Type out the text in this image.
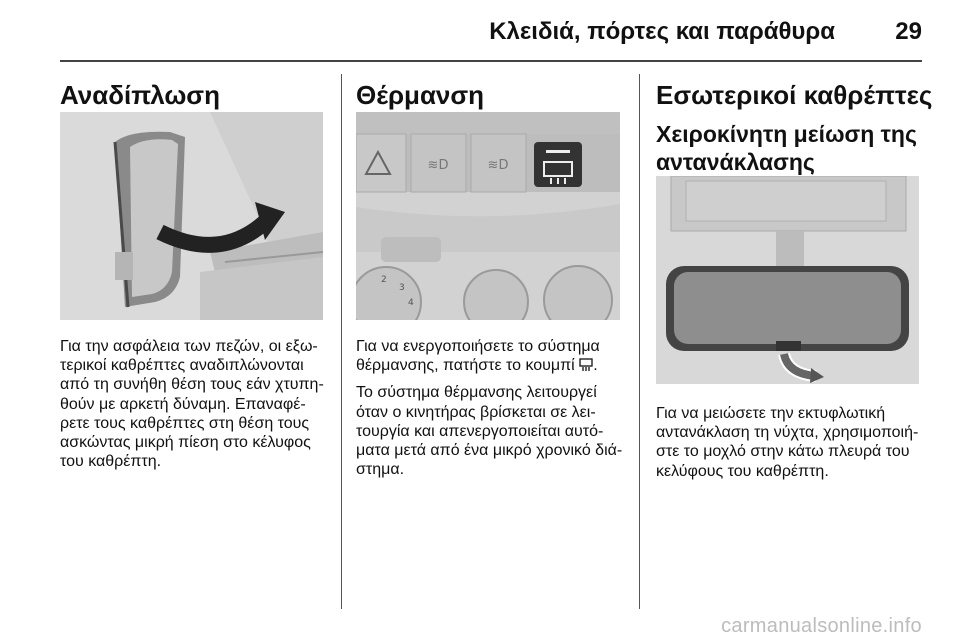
Κλειδιά, πόρτες και παράθυρα	29
Αναδίπλωση

Για την ασφάλεια των πεζών, οι εξω-
τερικοί καθρέπτες αναδιπλώνονται
από τη συνήθη θέση τους εάν χτυπη-
θούν με αρκετή δύναμη. Επαναφέ-
ρετε τους καθρέπτες στη θέση τους
ασκώντας μικρή πίεση στο κέλυφος
του καθρέπτη.

Θέρμανση
≋D	≋D
2
3
4

Για να ενεργοποιήσετε το σύστημα
θέρμανσης, πατήστε το κουμπί .

Το σύστημα θέρμανσης λειτουργεί
όταν ο κινητήρας βρίσκεται σε λει-
τουργία και απενεργοποιείται αυτό-
ματα μετά από ένα μικρό χρονικό διά-
στημα.

Εσωτερικοί καθρέπτες
Χειροκίνητη μείωση της
αντανάκλασης

Για να μειώσετε την εκτυφλωτική
αντανάκλαση τη νύχτα, χρησιμοποιή-
στε το μοχλό στην κάτω πλευρά του
κελύφους του καθρέπτη.

carmanualsonline.info
